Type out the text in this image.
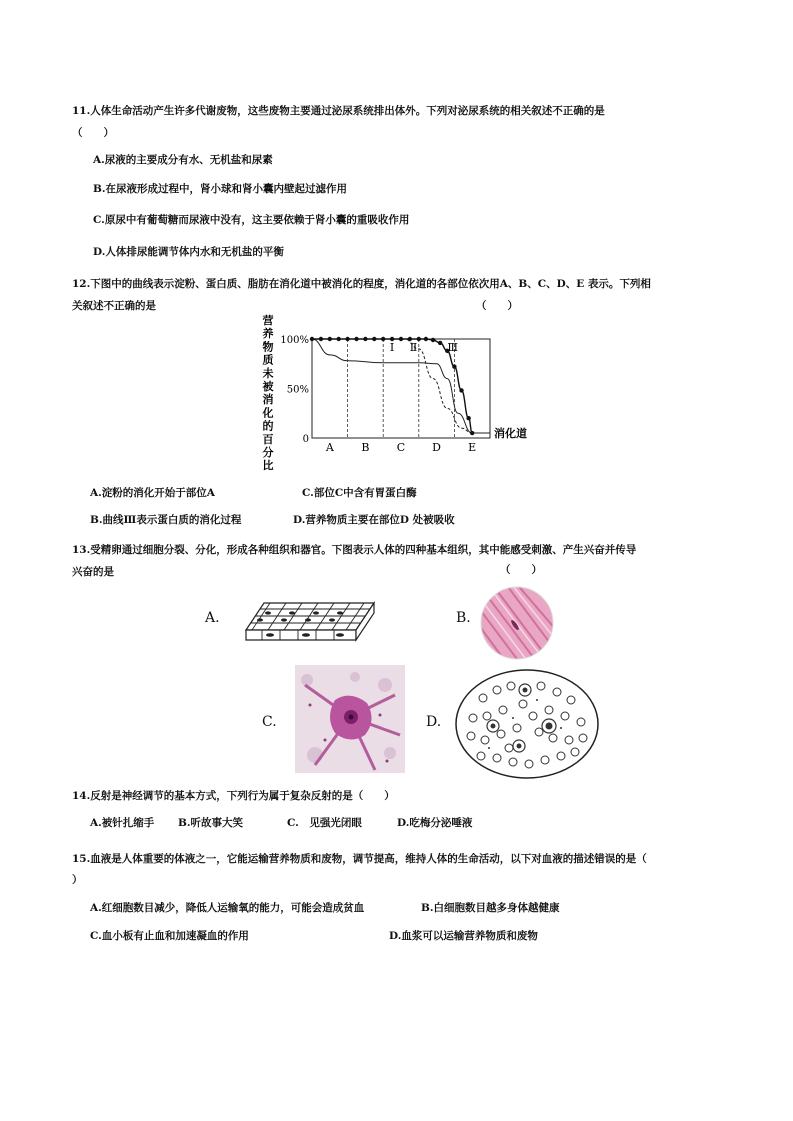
11.人体生命活动产生许多代谢废物，这些废物主要通过泌尿系统排出体外。下列对泌尿系统的相关叙述不正确的是
（　　）
A.尿液的主要成分有水、无机盐和尿素
B.在尿液形成过程中，肾小球和肾小囊内壁起过滤作用
C.原尿中有葡萄糖而尿液中没有，这主要依赖于肾小囊的重吸收作用
D.人体排尿能调节体内水和无机盐的平衡
12.下图中的曲线表示淀粉、蛋白质、脂肪在消化道中被消化的程度，消化道的各部位依次用A、B、C、D、E 表示。下列相
关叙述不正确的是	（　　）
营
养
物
质
未
被
消
化
的
百
分
比
0
50%
100%
A	B C D E
Ⅰ Ⅱ	Ⅲ
消化道
A.淀粉的消化开始于部位A	C.部位C中含有胃蛋白酶
B.曲线Ⅲ表示蛋白质的消化过程	D.营养物质主要在部位D 处被吸收
13.受精卵通过细胞分裂、分化，形成各种组织和器官。下图表示人体的四种基本组织，其中能感受刺激、产生兴奋并传导
兴奋的是	（　　）
A.	B.
C.	D.
14.反射是神经调节的基本方式，下列行为属于复杂反射的是（　　）
A.被针扎缩手 B.听故事大笑	C.　见强光闭眼	D.吃梅分泌唾液
15.血液是人体重要的体液之一，它能运输营养物质和废物，调节提高，维持人体的生命活动，以下对血液的描述错误的是（
）
A.红细胞数目减少，降低人运输氧的能力，可能会造成贫血	B.白细胞数目越多身体越健康
C.血小板有止血和加速凝血的作用	D.血浆可以运输营养物质和废物
